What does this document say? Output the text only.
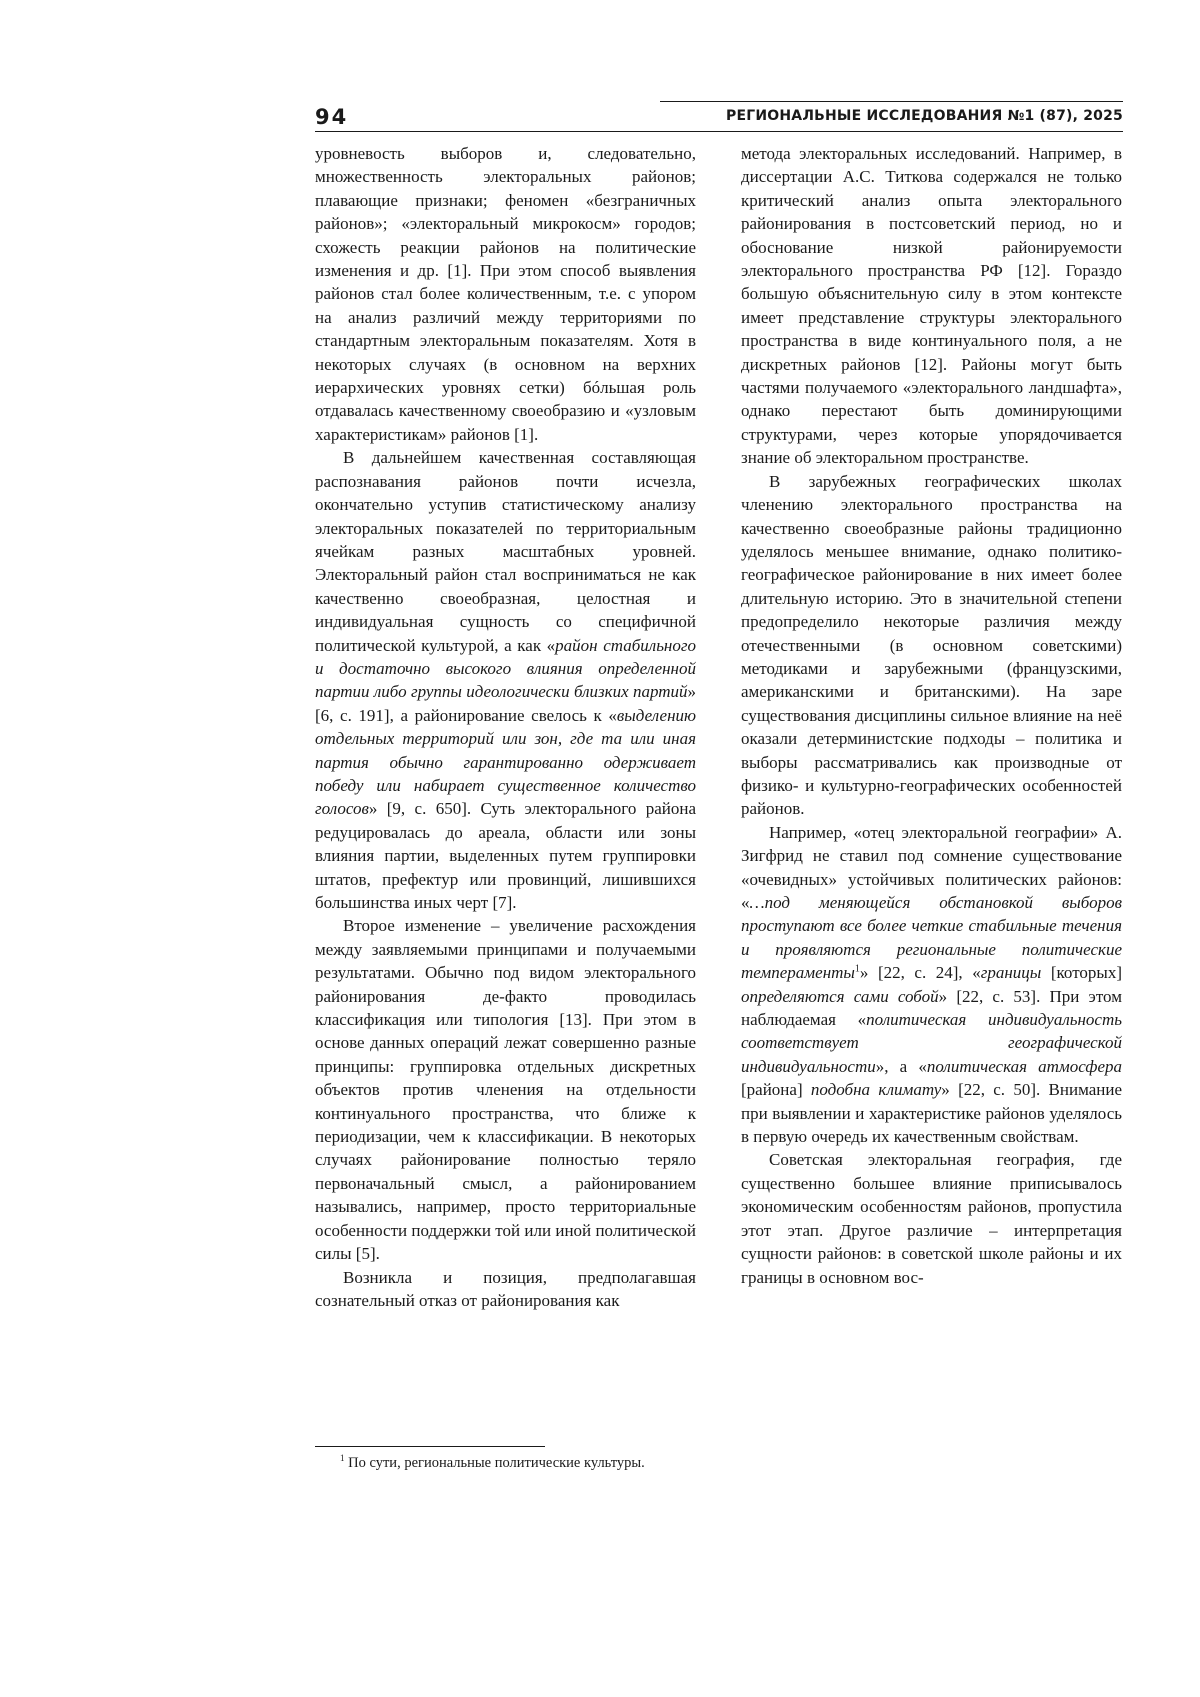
94	РЕГИОНАЛЬНЫЕ ИССЛЕДОВАНИЯ №1 (87), 2025

уровневость выборов и, следовательно, множественность электоральных районов; плавающие признаки; феномен «безграничных районов»; «электоральный микрокосм» городов; схожесть реакции районов на политические изменения и др. [1]. При этом способ выявления районов стал более количественным, т.е. с упором на анализ различий между территориями по стандартным электоральным показателям. Хотя в некоторых случаях (в основном на верхних иерархических уровнях сетки) бóльшая роль отдавалась качественному своеобразию и «узловым характеристикам» районов [1].

В дальнейшем качественная составляющая распознавания районов почти исчезла, окончательно уступив статистическому анализу электоральных показателей по территориальным ячейкам разных масштабных уровней. Электоральный район стал восприниматься не как качественно своеобразная, целостная и индивидуальная сущность со специфичной политической культурой, а как «район стабильного и достаточно высокого влияния определенной партии либо группы идеологически близких партий» [6, с. 191], а районирование свелось к «выделению отдельных территорий или зон, где та или иная партия обычно гарантированно одерживает победу или набирает существенное количество голосов» [9, с. 650]. Суть электорального района редуцировалась до ареала, области или зоны влияния партии, выделенных путем группировки штатов, префектур или провинций, лишившихся большинства иных черт [7].

Второе изменение – увеличение расхождения между заявляемыми принципами и получаемыми результатами. Обычно под видом электорального районирования де-факто проводилась классификация или типология [13]. При этом в основе данных операций лежат совершенно разные принципы: группировка отдельных дискретных объектов против членения на отдельности континуального пространства, что ближе к периодизации, чем к классификации. В некоторых случаях районирование полностью теряло первоначальный смысл, а районированием назывались, например, просто территориальные особенности поддержки той или иной политической силы [5].

Возникла и позиция, предполагавшая сознательный отказ от районирования как

метода электоральных исследований. Например, в диссертации А.С. Титкова содержался не только критический анализ опыта электорального районирования в постсоветский период, но и обоснование низкой районируемости электорального пространства РФ [12]. Гораздо большую объяснительную силу в этом контексте имеет представление структуры электорального пространства в виде континуального поля, а не дискретных районов [12]. Районы могут быть частями получаемого «электорального ландшафта», однако перестают быть доминирующими структурами, через которые упорядочивается знание об электоральном пространстве.

В зарубежных географических школах членению электорального пространства на качественно своеобразные районы традиционно уделялось меньшее внимание, однако политико-географическое районирование в них имеет более длительную историю. Это в значительной степени предопределило некоторые различия между отечественными (в основном советскими) методиками и зарубежными (французскими, американскими и британскими). На заре существования дисциплины сильное влияние на неё оказали детерминистские подходы – политика и выборы рассматривались как производные от физико- и культурно-географических особенностей районов.

Например, «отец электоральной географии» А. Зигфрид не ставил под сомнение существование «очевидных» устойчивых политических районов: «…под меняющейся обстановкой выборов проступают все более четкие стабильные течения и проявляются региональные политические темпераменты$^1$» [22, с. 24], «границы [которых] определяются сами собой» [22, с. 53]. При этом наблюдаемая «политическая индивидуальность соответствует географической индивидуальности», а «политическая атмосфера [района] подобна климату» [22, с. 50]. Внимание при выявлении и характеристике районов уделялось в первую очередь их качественным свойствам.

Советская электоральная география, где существенно большее влияние приписывалось экономическим особенностям районов, пропустила этот этап. Другое различие – интерпретация сущности районов: в советской школе районы и их границы в основном вос-

$^1$ По сути, региональные политические культуры.
